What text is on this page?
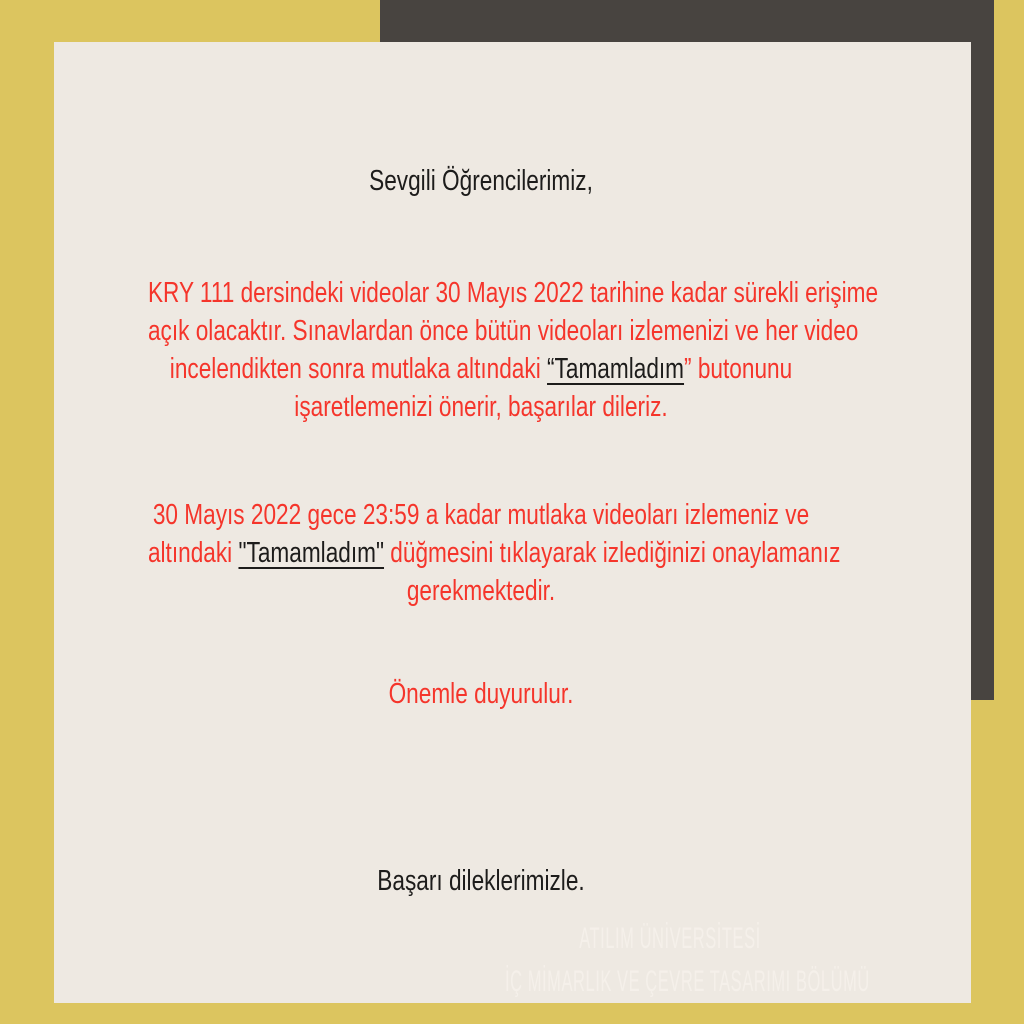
Sevgili Öğrencilerimiz,
KRY 111 dersindeki videolar 30 Mayıs 2022 tarihine kadar sürekli erişime
açık olacaktır. Sınavlardan önce bütün videoları izlemenizi ve her video
incelendikten sonra mutlaka altındaki “Tamamladım” butonunu
işaretlemenizi önerir, başarılar dileriz.
30 Mayıs 2022 gece 23:59 a kadar mutlaka videoları izlemeniz ve
altındaki "Tamamladım" düğmesini tıklayarak izlediğinizi onaylamanız
gerekmektedir.
Önemle duyurulur.
Başarı dileklerimizle.
ATILIM ÜNİVERSİTESİ
İÇ MİMARLIK VE ÇEVRE TASARIMI BÖLÜMÜ
